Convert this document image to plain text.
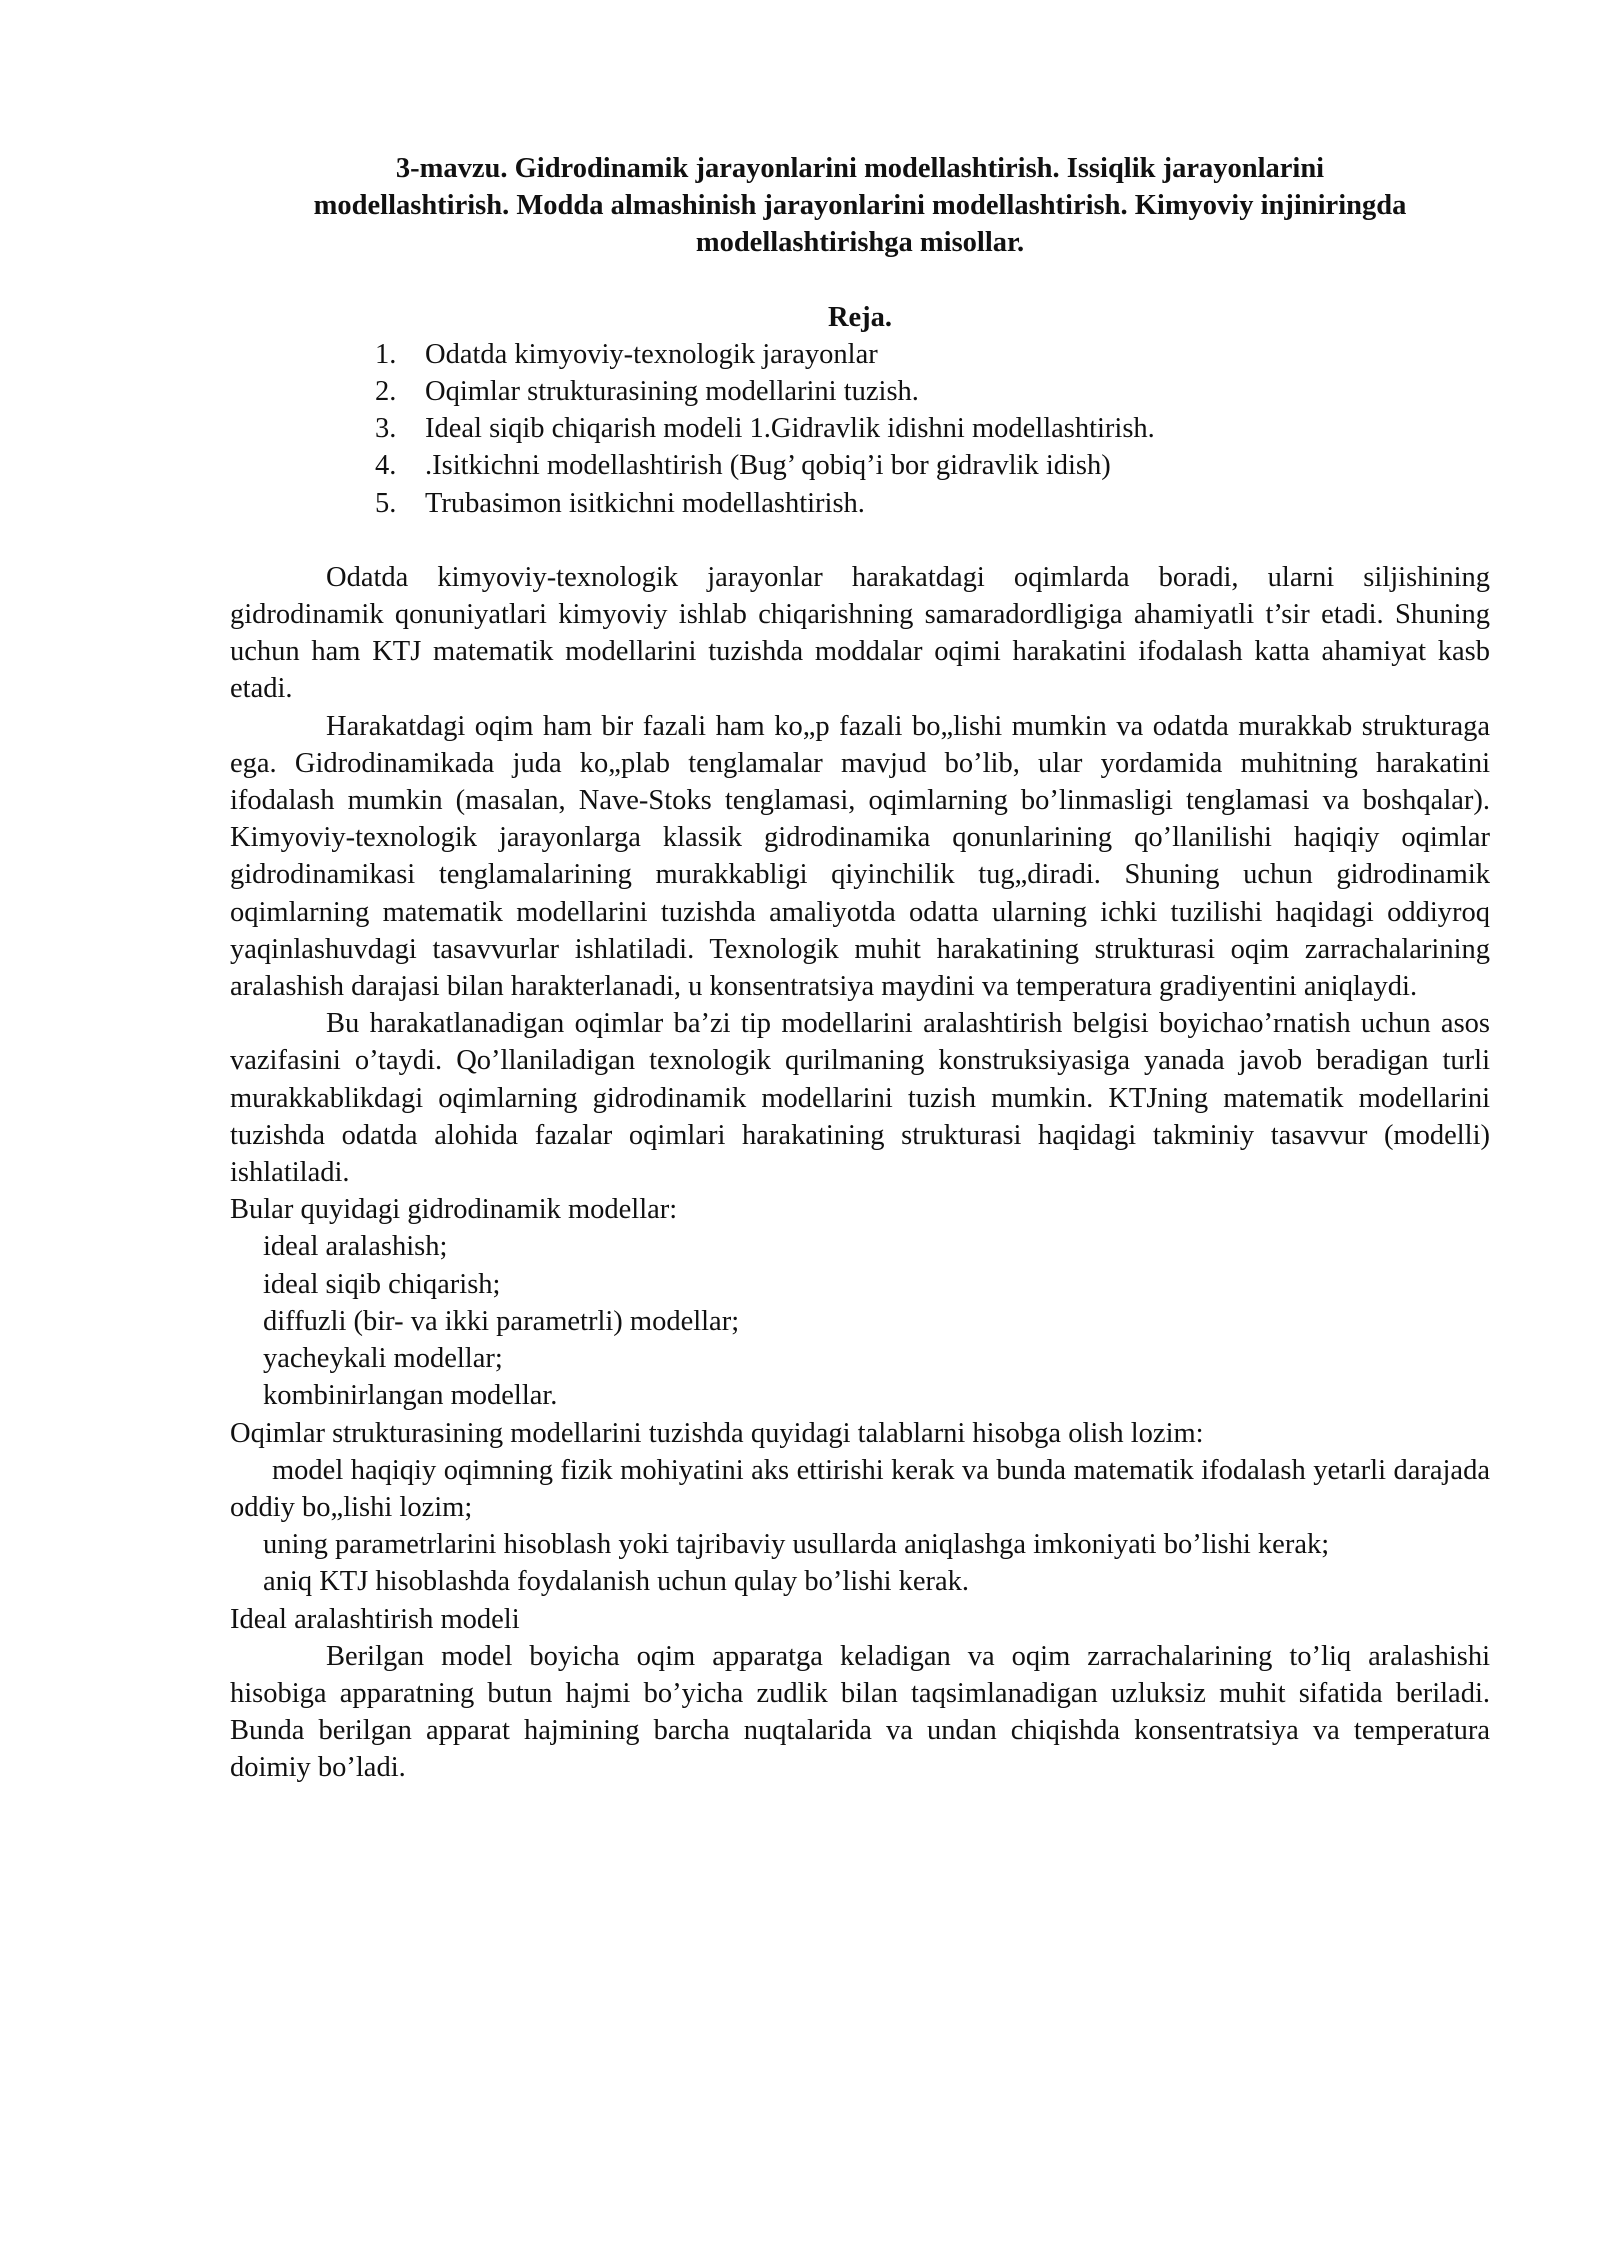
3-mavzu. Gidrodinamik jarayonlarini modellashtirish. Issiqlik jarayonlarini
modellashtirish. Modda almashinish jarayonlarini modellashtirish. Kimyoviy injiniringda
modellashtirishga misollar.
Reja.
1.	Odatda kimyoviy-texnologik jarayonlar
2.	Oqimlar strukturasining modellarini tuzish.
3.	Ideal siqib chiqarish modeli 1.Gidravlik idishni modellashtirish.
4.	.Isitkichni modellashtirish (Bug’ qobiq’i bor gidravlik idish)
5.	Trubasimon isitkichni modellashtirish.

Odatda kimyoviy-texnologik jarayonlar harakatdagi oqimlarda boradi, ularni siljishining gidrodinamik qonuniyatlari kimyoviy ishlab chiqarishning samaradordligiga ahamiyatli t’sir etadi. Shuning uchun ham KTJ matematik modellarini tuzishda moddalar oqimi harakatini ifodalash katta ahamiyat kasb etadi.

Harakatdagi oqim ham bir fazali ham ko„p fazali bo„lishi mumkin va odatda murakkab strukturaga ega. Gidrodinamikada juda ko„plab tenglamalar mavjud bo’lib, ular yordamida muhitning harakatini ifodalash mumkin (masalan, Nave-Stoks tenglamasi, oqimlarning bo’linmasligi tenglamasi va boshqalar). Kimyoviy-texnologik jarayonlarga klassik gidrodinamika qonunlarining qo’llanilishi haqiqiy oqimlar gidrodinamikasi tenglamalarining murakkabligi qiyinchilik tug„diradi. Shuning uchun gidrodinamik oqimlarning matematik modellarini tuzishda amaliyotda odatta ularning ichki tuzilishi haqidagi oddiyroq yaqinlashuvdagi tasavvurlar ishlatiladi. Texnologik muhit harakatining strukturasi oqim zarrachalarining aralashish darajasi bilan harakterlanadi, u konsentratsiya maydini va temperatura gradiyentini aniqlaydi.

Bu harakatlanadigan oqimlar ba’zi tip modellarini aralashtirish belgisi boyichao’rnatish uchun asos vazifasini o’taydi. Qo’llaniladigan texnologik qurilmaning konstruksiyasiga yanada javob beradigan turli murakkablikdagi oqimlarning gidrodinamik modellarini tuzish mumkin. KTJning matematik modellarini tuzishda odatda alohida fazalar oqimlari harakatining strukturasi haqidagi takminiy tasavvur (modelli) ishlatiladi.

Bular quyidagi gidrodinamik modellar:

ideal aralashish;

ideal siqib chiqarish;

diffuzli (bir- va ikki parametrli) modellar;

yacheykali modellar;

kombinirlangan modellar.

Oqimlar strukturasining modellarini tuzishda quyidagi talablarni hisobga olish lozim:

model haqiqiy oqimning fizik mohiyatini aks ettirishi kerak va bunda matematik ifodalash yetarli darajada oddiy bo„lishi lozim;

uning parametrlarini hisoblash yoki tajribaviy usullarda aniqlashga imkoniyati bo’lishi kerak;

aniq KTJ hisoblashda foydalanish uchun qulay bo’lishi kerak.

Ideal aralashtirish modeli

Berilgan model boyicha oqim apparatga keladigan va oqim zarrachalarining to’liq aralashishi hisobiga apparatning butun hajmi bo’yicha zudlik bilan taqsimlanadigan uzluksiz muhit sifatida beriladi. Bunda berilgan apparat hajmining barcha nuqtalarida va undan chiqishda konsentratsiya va temperatura doimiy bo’ladi.
